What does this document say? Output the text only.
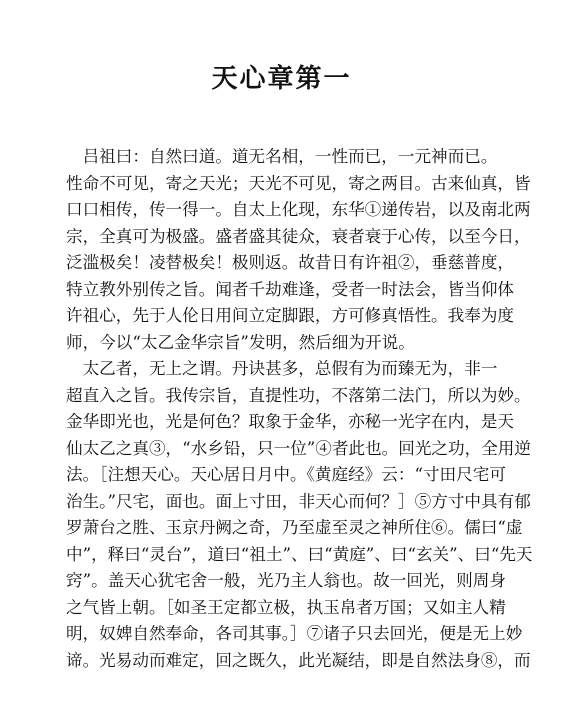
天心章第一
　吕祖曰：自然曰道。道无名相，一性而已，一元神而已。
性命不可见，寄之天光；天光不可见，寄之两目。古来仙真，皆
口口相传，传一得一。自太上化现，东华①递传岩，以及南北两
宗，全真可为极盛。盛者盛其徒众，衰者衰于心传，以至今日，
泛滥极矣！凌替极矣！极则返。故昔日有许祖②，垂慈普度，
特立教外别传之旨。闻者千劫难逢，受者一时法会，皆当仰体
许祖心，先于人伦日用间立定脚跟，方可修真悟性。我奉为度
师，今以“太乙金华宗旨”发明，然后细为开说。
　太乙者，无上之谓。丹诀甚多，总假有为而臻无为，非一
超直入之旨。我传宗旨，直提性功，不落第二法门，所以为妙。
金华即光也，光是何色？取象于金华，亦秘一光字在内，是天
仙太乙之真③，“水乡铅，只一位”④者此也。回光之功，全用逆
法。［注想天心。天心居日月中。《黄庭经》云：“寸田尺宅可
治生。”尺宅，面也。面上寸田，非天心而何？］⑤方寸中具有郁
罗萧台之胜、玉京丹阙之奇，乃至虚至灵之神所住⑥。儒曰“虚
中”，释曰“灵台”，道曰“祖土”、曰“黄庭”、曰“玄关”、曰“先天
窍”。盖天心犹宅舍一般，光乃主人翁也。故一回光，则周身
之气皆上朝。［如圣王定都立极，执玉帛者万国；又如主人精
明，奴婢自然奉命，各司其事。］⑦诸子只去回光，便是无上妙
谛。光易动而难定，回之既久，此光凝结，即是自然法身⑧，而
